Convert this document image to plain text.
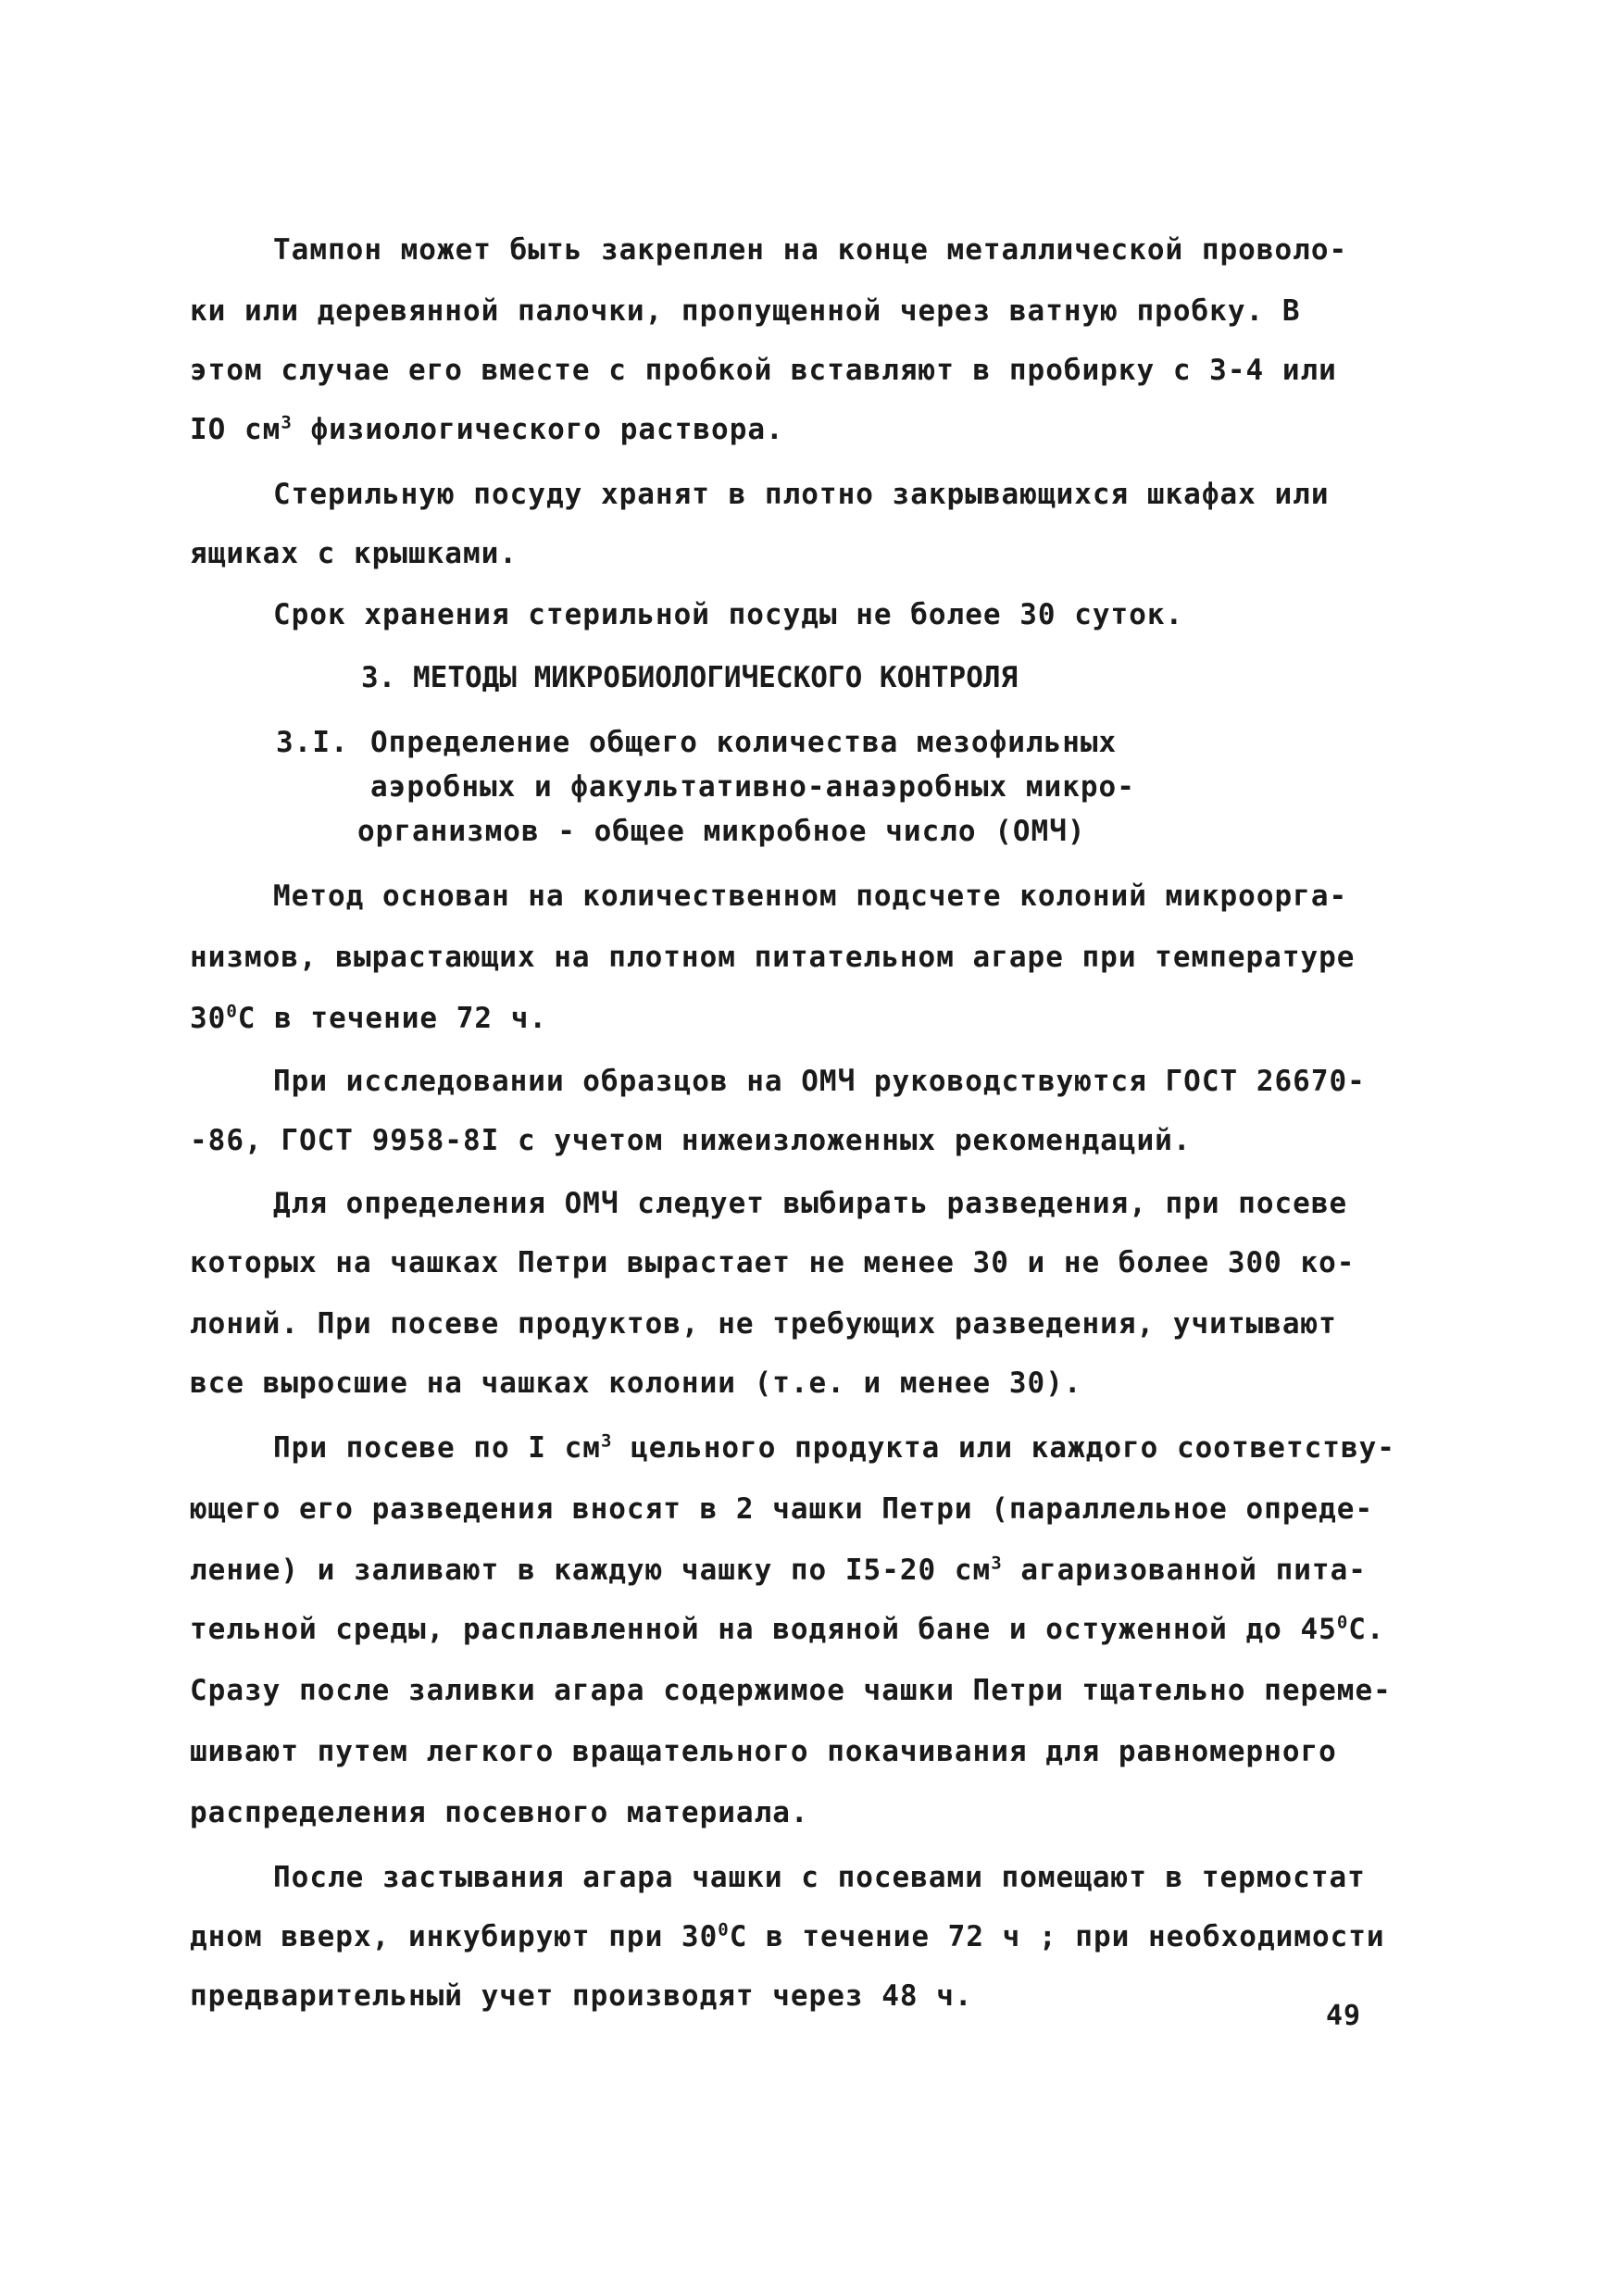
Тампон может быть закреплен на конце металлической проволо-
ки или деревянной палочки, пропущенной через ватную пробку. В
этом случае его вместе с пробкой вставляют в пробирку с 3-4 или
IO $см^3$ физиологического раствора.
Стерильную посуду хранят в плотно закрывающихся шкафах или
ящиках с крышками.
Срок хранения стерильной посуды не более 30 суток.
3. МЕТОДЫ МИКРОБИОЛОГИЧЕСКОГО КОНТРОЛЯ
3.I. Определение общего количества мезофильных
аэробных и факультативно-анаэробных микро-
организмов - общее микробное число (ОМЧ)
Метод основан на количественном подсчете колоний микроорга-
низмов, вырастающих на плотном питательном агаре при температуре
$30^0С$ в течение 72 ч.
При исследовании образцов на ОМЧ руководствуются ГОСТ 26670-
-86, ГОСТ 9958-8I с учетом нижеизложенных рекомендаций.
Для определения ОМЧ следует выбирать разведения, при посеве
которых на чашках Петри вырастает не менее 30 и не более 300 ко-
лоний. При посеве продуктов, не требующих разведения, учитывают
все выросшие на чашках колонии (т.е. и менее 30).
При посеве по I $см^3$ цельного продукта или каждого соответству-
ющего его разведения вносят в 2 чашки Петри (параллельное опреде-
ление) и заливают в каждую чашку по I5-20 $см^3$ агаризованной пита-
тельной среды, расплавленной на водяной бане и остуженной до $45^0С$.
Сразу после заливки агара содержимое чашки Петри тщательно переме-
шивают путем легкого вращательного покачивания для равномерного
распределения посевного материала.
После застывания агара чашки с посевами помещают в термостат
дном вверх, инкубируют при $30^0С$ в течение 72 ч ; при необходимости
предварительный учет производят через 48 ч.
49
